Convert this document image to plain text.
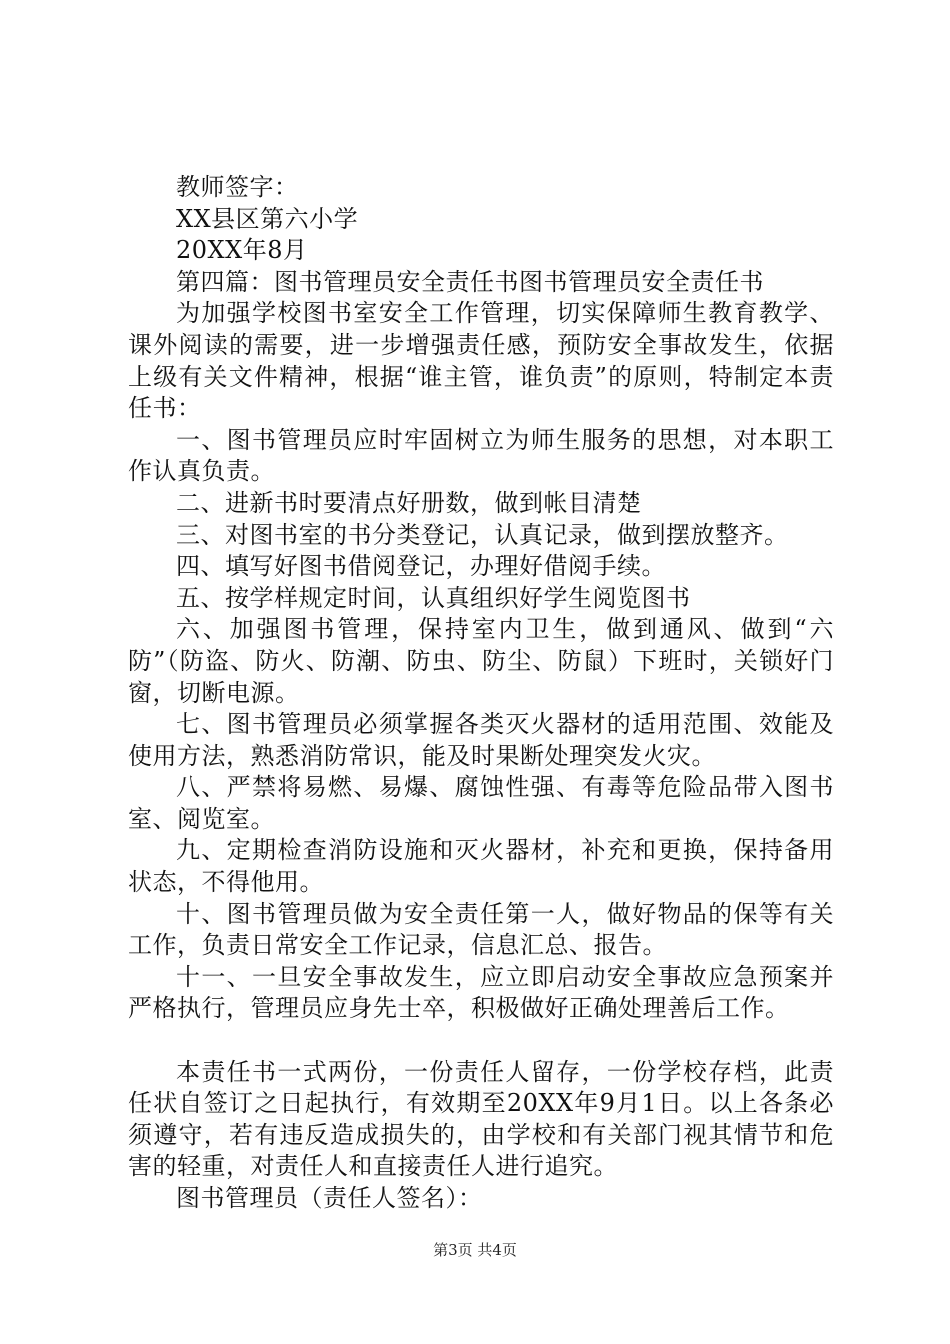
教师签字：

XX县区第六小学

20XX年8月

第四篇：图书管理员安全责任书图书管理员安全责任书

为加强学校图书室安全工作管理，切实保障师生教育教学、课外阅读的需要，进一步增强责任感，预防安全事故发生，依据上级有关文件精神，根据“谁主管，谁负责”的原则，特制定本责任书：

一、图书管理员应时牢固树立为师生服务的思想，对本职工作认真负责。

二、进新书时要清点好册数，做到帐目清楚

三、对图书室的书分类登记，认真记录，做到摆放整齐。

四、填写好图书借阅登记，办理好借阅手续。

五、按学样规定时间，认真组织好学生阅览图书

六、加强图书管理，保持室内卫生，做到通风、做到“六防”（防盗、防火、防潮、防虫、防尘、防鼠）下班时，关锁好门窗，切断电源。

七、图书管理员必须掌握各类灭火器材的适用范围、效能及使用方法，熟悉消防常识，能及时果断处理突发火灾。

八、严禁将易燃、易爆、腐蚀性强、有毒等危险品带入图书室、阅览室。

九、定期检查消防设施和灭火器材，补充和更换，保持备用状态，不得他用。

十、图书管理员做为安全责任第一人，做好物品的保等有关工作，负责日常安全工作记录，信息汇总、报告。

十一、一旦安全事故发生，应立即启动安全事故应急预案并严格执行，管理员应身先士卒，积极做好正确处理善后工作。

本责任书一式两份，一份责任人留存，一份学校存档，此责任状自签订之日起执行，有效期至20XX年9月1日。以上各条必须遵守，若有违反造成损失的，由学校和有关部门视其情节和危害的轻重，对责任人和直接责任人进行追究。

图书管理员（责任人签名）：

第3页 共4页
